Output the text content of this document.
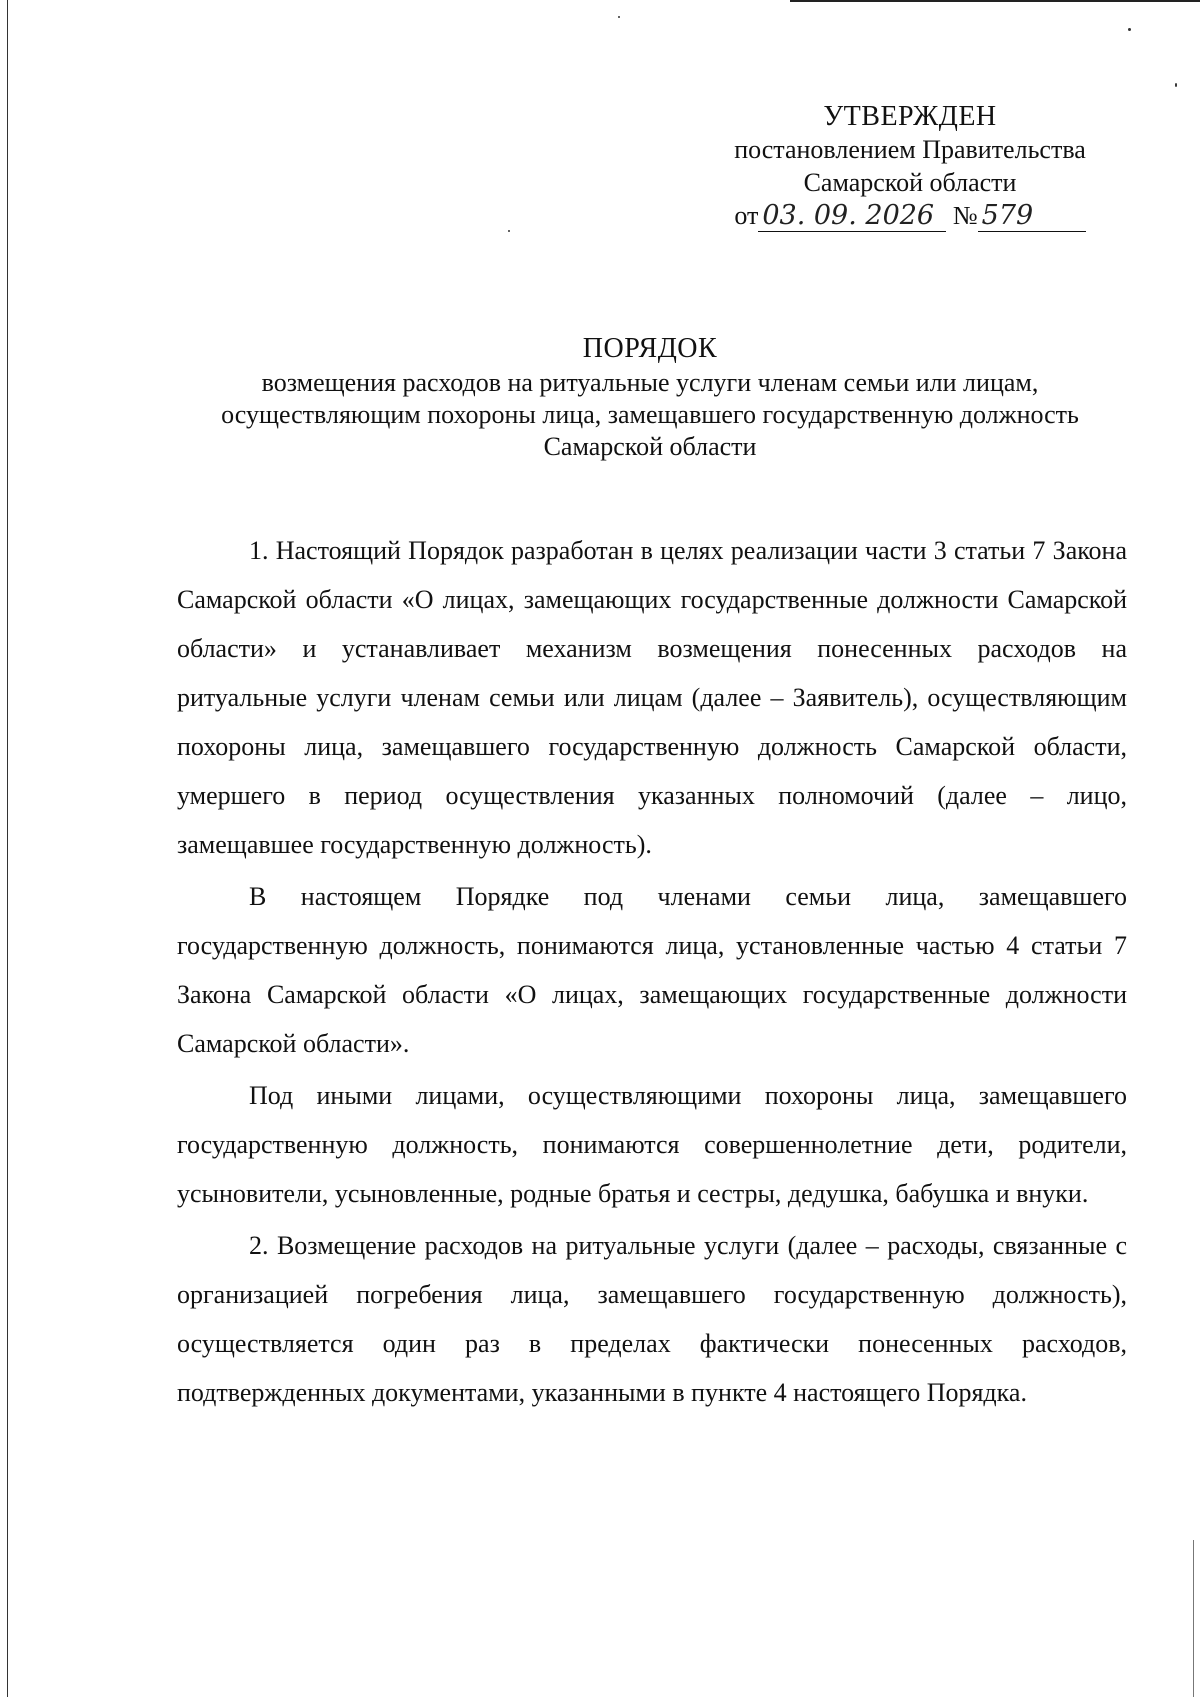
УТВЕРЖДЕН
постановлением Правительства
Самарской области
от 03. 09. 2026 № 579
ПОРЯДОК
возмещения расходов на ритуальные услуги членам семьи или лицам,
осуществляющим похороны лица, замещавшего государственную должность
Самарской области

1. Настоящий Порядок разработан в целях реализации части 3 статьи 7 Закона Самарской области «О лицах, замещающих государственные должности Самарской области» и устанавливает механизм возмещения понесенных расходов на ритуальные услуги членам семьи или лицам (далее – Заявитель), осуществляющим похороны лица, замещавшего государственную должность Самарской области, умершего в период осуществления указанных полномочий (далее – лицо, замещавшее государственную должность).

В настоящем Порядке под членами семьи лица, замещавшего государственную должность, понимаются лица, установленные частью 4 статьи 7 Закона Самарской области «О лицах, замещающих государственные должности Самарской области».

Под иными лицами, осуществляющими похороны лица, замещавшего государственную должность, понимаются совершеннолетние дети, родители, усыновители, усыновленные, родные братья и сестры, дедушка, бабушка и внуки.

2. Возмещение расходов на ритуальные услуги (далее – расходы, связанные с организацией погребения лица, замещавшего государственную должность), осуществляется один раз в пределах фактически понесенных расходов, подтвержденных документами, указанными в пункте 4 настоящего Порядка.
